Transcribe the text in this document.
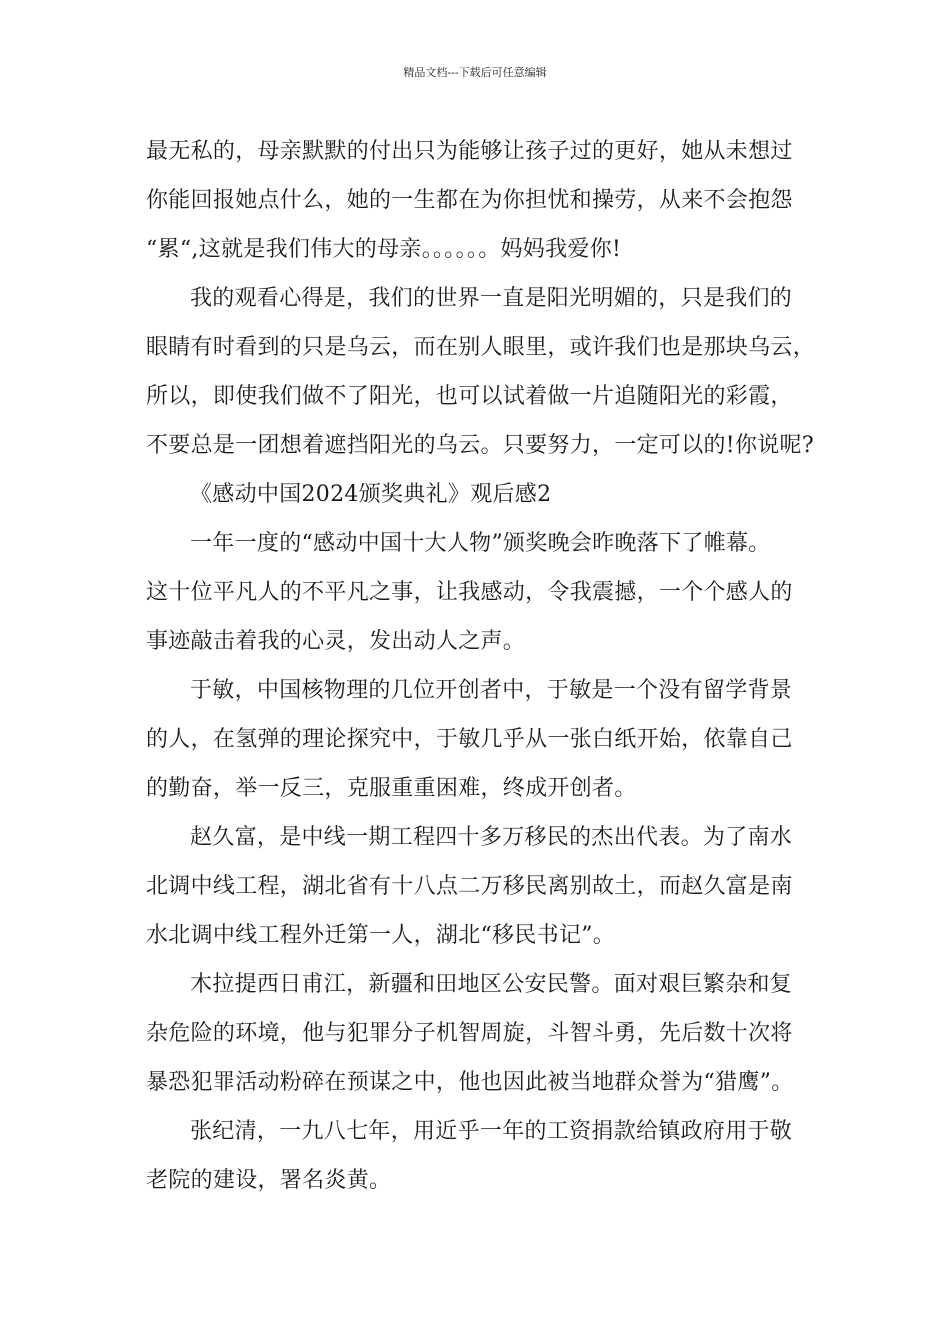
精品文档---下载后可任意编辑
最无私的，母亲默默的付出只为能够让孩子过的更好，她从未想过
你能回报她点什么，她的一生都在为你担忧和操劳，从来不会抱怨
“累“,这就是我们伟大的母亲。。。。。。妈妈我爱你!
我的观看心得是，我们的世界一直是阳光明媚的，只是我们的
眼睛有时看到的只是乌云，而在别人眼里，或许我们也是那块乌云，
所以，即使我们做不了阳光，也可以试着做一片追随阳光的彩霞，
不要总是一团想着遮挡阳光的乌云。只要努力，一定可以的!你说呢?
《感动中国2024颁奖典礼》观后感2
一年一度的“感动中国十大人物”颁奖晚会昨晚落下了帷幕。
这十位平凡人的不平凡之事，让我感动，令我震撼，一个个感人的
事迹敲击着我的心灵，发出动人之声。
于敏，中国核物理的几位开创者中，于敏是一个没有留学背景
的人，在氢弹的理论探究中，于敏几乎从一张白纸开始，依靠自己
的勤奋，举一反三，克服重重困难，终成开创者。
赵久富，是中线一期工程四十多万移民的杰出代表。为了南水
北调中线工程，湖北省有十八点二万移民离别故土，而赵久富是南
水北调中线工程外迁第一人，湖北“移民书记”。
木拉提西日甫江，新疆和田地区公安民警。面对艰巨繁杂和复
杂危险的环境，他与犯罪分子机智周旋，斗智斗勇，先后数十次将
暴恐犯罪活动粉碎在预谋之中，他也因此被当地群众誉为“猎鹰”。
张纪清，一九八七年，用近乎一年的工资捐款给镇政府用于敬
老院的建设，署名炎黄。
